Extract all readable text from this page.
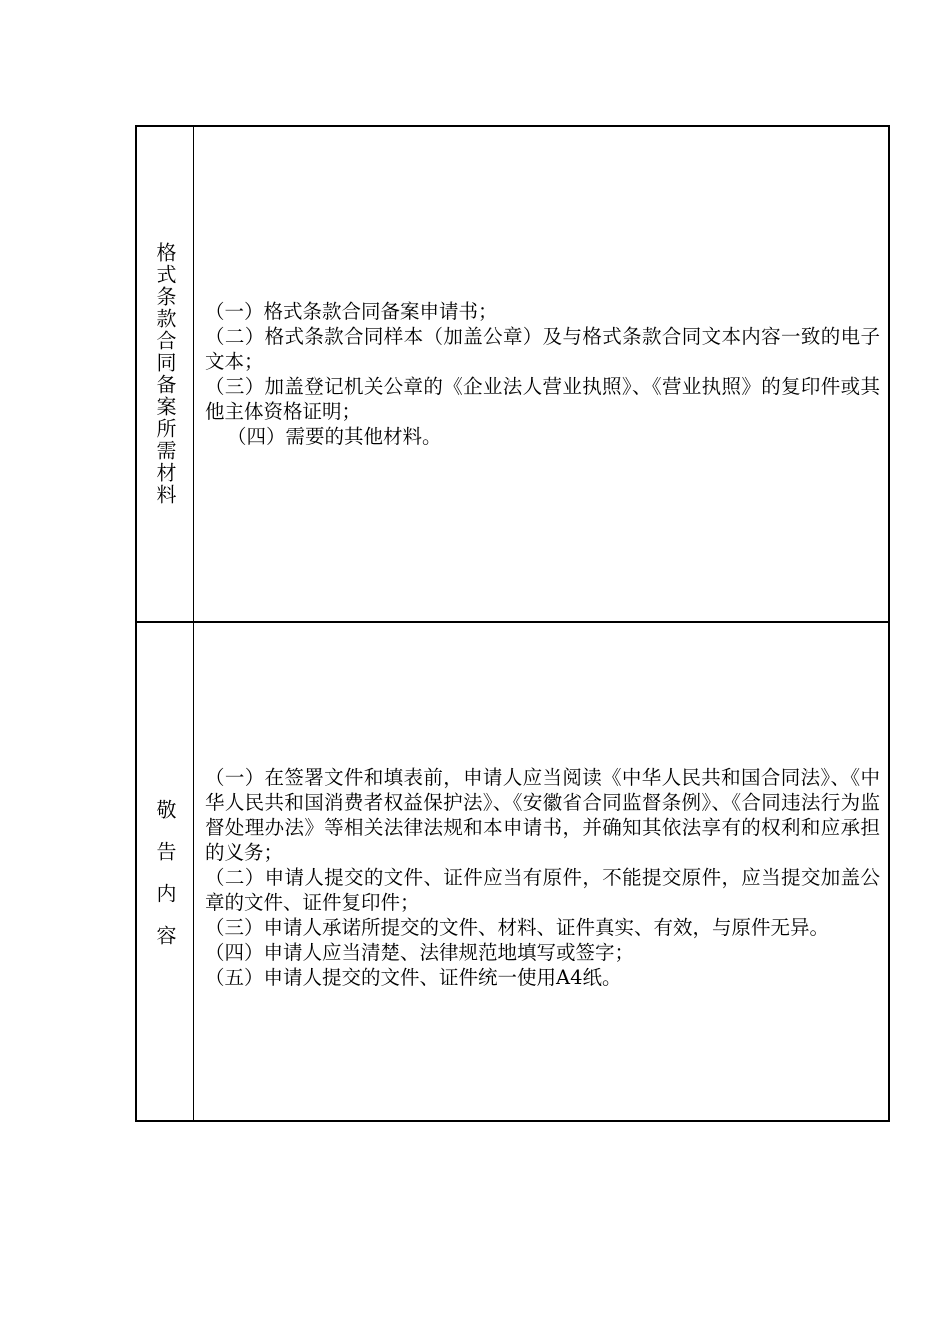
格式条款合同备案所需材料 （一）格式条款合同备案申请书；

（二）格式条款合同样本（加盖公章）及与格式条款合同文本内容一致的电子文本；

（三）加盖登记机关公章的《企业法人营业执照》、《营业执照》的复印件或其他主体资格证明；

（四）需要的其他材料。

敬告内容

（一）在签署文件和填表前，申请人应当阅读《中华人民共和国合同法》、《中华人民共和国消费者权益保护法》、《安徽省合同监督条例》、《合同违法行为监督处理办法》等相关法律法规和本申请书，并确知其依法享有的权利和应承担的义务；

（二）申请人提交的文件、证件应当有原件，不能提交原件，应当提交加盖公章的文件、证件复印件；

（三）申请人承诺所提交的文件、材料、证件真实、有效，与原件无异。

（四）申请人应当清楚、法律规范地填写或签字；

（五）申请人提交的文件、证件统一使用A4纸。
